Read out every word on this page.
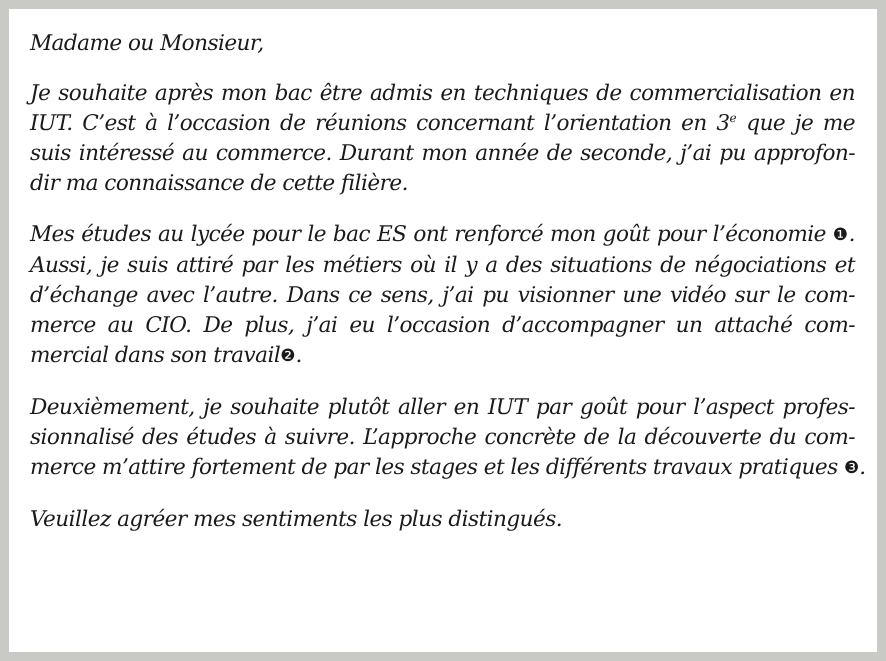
Madame ou Monsieur,
Je souhaite après mon bac être admis en techniques de commercialisation en
IUT. C’est à l’occasion de réunions concernant l’orientation en 3e que je me
suis intéressé au commerce. Durant mon année de seconde, j’ai pu approfon-
dir ma connaissance de cette filière.
Mes études au lycée pour le bac ES ont renforcé mon goût pour l’économie ❶.
Aussi, je suis attiré par les métiers où il y a des situations de négociations et
d’échange avec l’autre. Dans ce sens, j’ai pu visionner une vidéo sur le com-
merce au CIO. De plus, j’ai eu l’occasion d’accompagner un attaché com-
mercial dans son travail❷.
Deuxièmement, je souhaite plutôt aller en IUT par goût pour l’aspect profes-
sionnalisé des études à suivre. L’approche concrète de la découverte du com-
merce m’attire fortement de par les stages et les différents travaux pratiques ❸.
Veuillez agréer mes sentiments les plus distingués.
